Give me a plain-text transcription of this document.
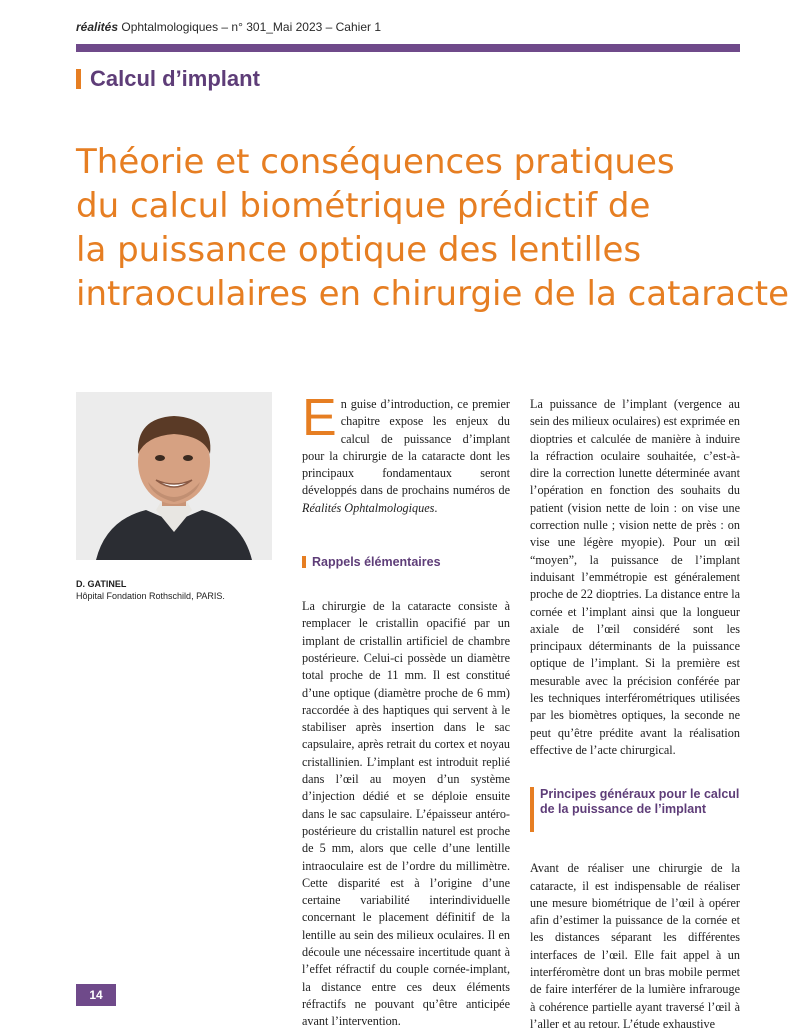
réalités Ophtalmologiques – n° 301_Mai 2023 – Cahier 1
Calcul d’implant
Théorie et conséquences pratiques
du calcul biométrique prédictif de
la puissance optique des lentilles
intraoculaires en chirurgie de la cataracte
D. GATINEL
Hôpital Fondation Rothschild, PARIS.

En guise d’introduction, ce premier chapitre expose les enjeux du calcul de puissance d’implant pour la chirurgie de la cataracte dont les principaux fondamentaux seront développés dans de prochains numéros de Réalités Ophtalmologiques.

Rappels élémentaires

La chirurgie de la cataracte consiste à remplacer le cristallin opacifié par un implant de cristallin artificiel de chambre postérieure. Celui-ci possède un diamètre total proche de 11 mm. Il est constitué d’une optique (diamètre proche de 6 mm) raccordée à des haptiques qui servent à le stabiliser après insertion dans le sac capsulaire, après retrait du cortex et noyau cristallinien. L’implant est introduit replié dans l’œil au moyen d’un système d’injection dédié et se déploie ensuite dans le sac capsulaire. L’épaisseur antéro-postérieure du cristallin naturel est proche de 5 mm, alors que celle d’une lentille intraoculaire est de l’ordre du millimètre. Cette disparité est à l’origine d’une certaine variabilité interindividuelle concernant le placement définitif de la lentille au sein des milieux oculaires. Il en découle une nécessaire incertitude quant à l’effet réfractif du couple cornée-implant, la distance entre ces deux éléments réfractifs ne pouvant qu’être anticipée avant l’intervention.

La puissance de l’implant (vergence au sein des milieux oculaires) est exprimée en dioptries et calculée de manière à induire la réfraction oculaire souhaitée, c’est-à-dire la correction lunette déterminée avant l’opération en fonction des souhaits du patient (vision nette de loin : on vise une correction nulle ; vision nette de près : on vise une légère myopie). Pour un œil “moyen”, la puissance de l’implant induisant l’emmétropie est généralement proche de 22 dioptries. La distance entre la cornée et l’implant ainsi que la longueur axiale de l’œil considéré sont les principaux déterminants de la puissance optique de l’implant. Si la première est mesurable avec la précision conférée par les techniques interférométriques utilisées par les biomètres optiques, la seconde ne peut qu’être prédite avant la réalisation effective de l’acte chirurgical.

Principes généraux pour le calcul de la puissance de l’implant

Avant de réaliser une chirurgie de la cataracte, il est indispensable de réaliser une mesure biométrique de l’œil à opérer afin d’estimer la puissance de la cornée et les distances séparant les différentes interfaces de l’œil. Elle fait appel à un interféromètre dont un bras mobile permet de faire interférer de la lumière infrarouge à cohérence partielle ayant traversé l’œil à l’aller et au retour. L’étude exhaustive

14
